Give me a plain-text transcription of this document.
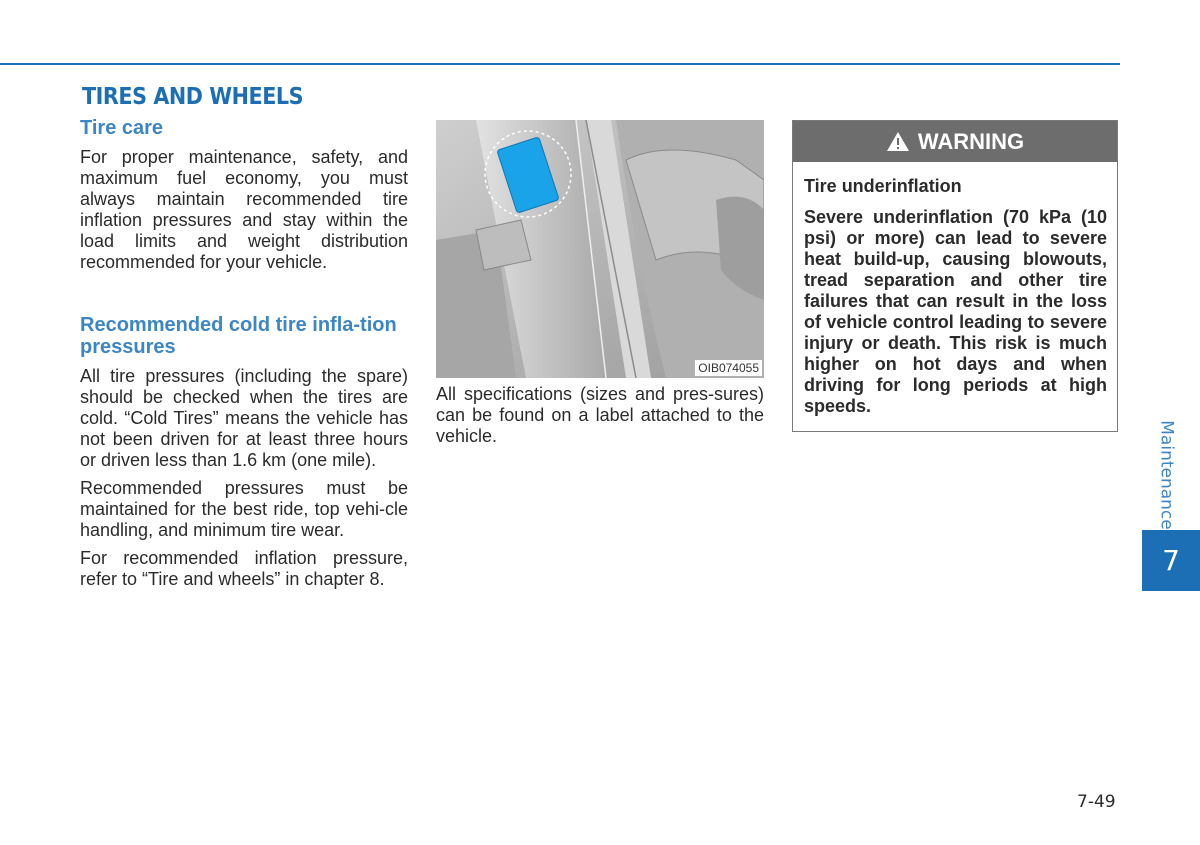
TIRES AND WHEELS
Tire care

For proper maintenance, safety, and maximum fuel economy, you must always maintain recommended tire inflation pressures and stay within the load limits and weight distribution recommended for your vehicle.

Recommended cold tire infla-tion pressures

All tire pressures (including the spare) should be checked when the tires are cold. “Cold Tires” means the vehicle has not been driven for at least three hours or driven less than 1.6 km (one mile).

Recommended pressures must be maintained for the best ride, top vehi-cle handling, and minimum tire wear.

For recommended inflation pressure, refer to “Tire and wheels” in chapter 8.

OIB074055

All specifications (sizes and pres-sures) can be found on a label attached to the vehicle.

WARNING

Tire underinflation

Severe underinflation (70 kPa (10 psi) or more) can lead to severe heat build-up, causing blowouts, tread separation and other tire failures that can result in the loss of vehicle control leading to severe injury or death. This risk is much higher on hot days and when driving for long periods at high speeds.

Maintenance
7
7-49
